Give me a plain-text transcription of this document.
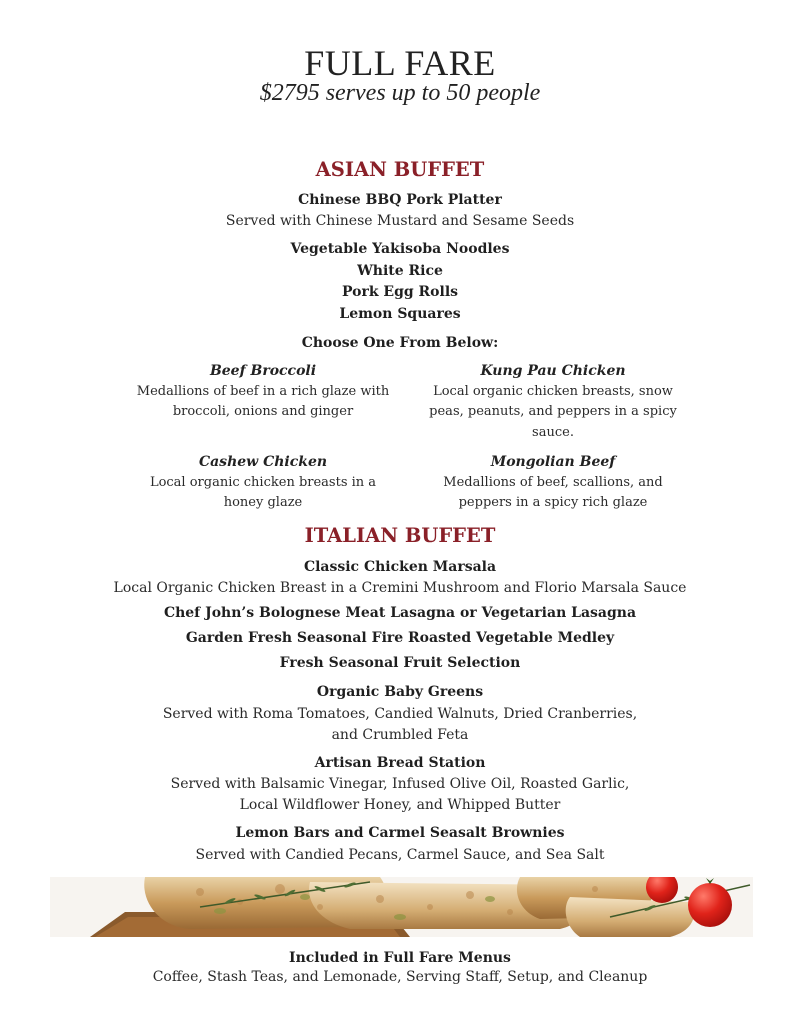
FULL FARE
$2795 serves up to 50 people
ASIAN BUFFET
Chinese BBQ Pork Platter
Served with Chinese Mustard and Sesame Seeds
Vegetable Yakisoba Noodles
White Rice
Pork Egg Rolls
Lemon Squares
Choose One From Below:
Beef Broccoli
Medallions of beef in a rich glaze with broccoli, onions and ginger
Kung Pau Chicken
Local organic chicken breasts, snow peas, peanuts, and peppers in a spicy sauce.
Cashew Chicken
Local organic chicken breasts in a honey glaze
Mongolian Beef
Medallions of beef, scallions, and peppers in a spicy rich glaze
ITALIAN BUFFET
Classic Chicken Marsala
Local Organic Chicken Breast in a Cremini Mushroom and Florio Marsala Sauce
Chef John’s Bolognese Meat Lasagna or Vegetarian Lasagna
Garden Fresh Seasonal Fire Roasted Vegetable Medley
Fresh Seasonal Fruit Selection
Organic Baby Greens
Served with Roma Tomatoes, Candied Walnuts, Dried Cranberries,
and Crumbled Feta
Artisan Bread Station
Served with Balsamic Vinegar, Infused Olive Oil, Roasted Garlic,
Local Wildflower Honey, and Whipped Butter
Lemon Bars and Carmel Seasalt Brownies
Served with Candied Pecans, Carmel Sauce, and Sea Salt
Included in Full Fare Menus
Coffee, Stash Teas, and Lemonade, Serving Staff, Setup, and Cleanup
